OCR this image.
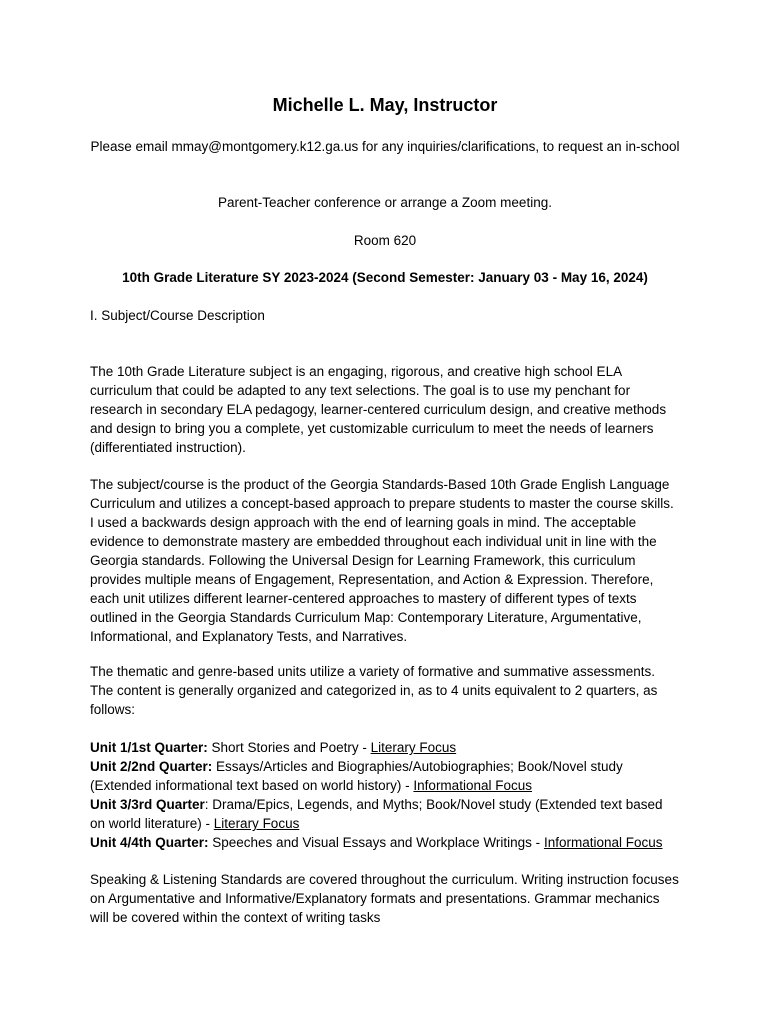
Michelle L. May, Instructor
Please email mmay@montgomery.k12.ga.us for any inquiries/clarifications, to request an in-school
Parent-Teacher conference or arrange a Zoom meeting.
Room 620
10th Grade Literature SY 2023-2024 (Second Semester: January 03 - May 16, 2024)
I. Subject/Course Description

The 10th Grade Literature subject is an engaging, rigorous, and creative high school ELA curriculum that could be adapted to any text selections. The goal is to use my penchant for research in secondary ELA pedagogy, learner-centered curriculum design, and creative methods and design to bring you a complete, yet customizable curriculum to meet the needs of learners (differentiated instruction).

The subject/course is the product of the Georgia Standards-Based 10th Grade English Language Curriculum and utilizes a concept-based approach to prepare students to master the course skills. I used a backwards design approach with the end of learning goals in mind. The acceptable evidence to demonstrate mastery are embedded throughout each individual unit in line with the Georgia standards. Following the Universal Design for Learning Framework, this curriculum provides multiple means of Engagement, Representation, and Action & Expression. Therefore, each unit utilizes different learner-centered approaches to mastery of different types of texts outlined in the Georgia Standards Curriculum Map: Contemporary Literature, Argumentative, Informational, and Explanatory Tests, and Narratives.

The thematic and genre-based units utilize a variety of formative and summative assessments. The content is generally organized and categorized in, as to 4 units equivalent to 2 quarters, as follows:

Unit 1/1st Quarter: Short Stories and Poetry - Literary Focus
Unit 2/2nd Quarter: Essays/Articles and Biographies/Autobiographies; Book/Novel study (Extended informational text based on world history) - Informational Focus
Unit 3/3rd Quarter: Drama/Epics, Legends, and Myths; Book/Novel study (Extended text based on world literature) - Literary Focus
Unit 4/4th Quarter: Speeches and Visual Essays and Workplace Writings - Informational Focus

Speaking & Listening Standards are covered throughout the curriculum. Writing instruction focuses on Argumentative and Informative/Explanatory formats and presentations. Grammar mechanics will be covered within the context of writing tasks
